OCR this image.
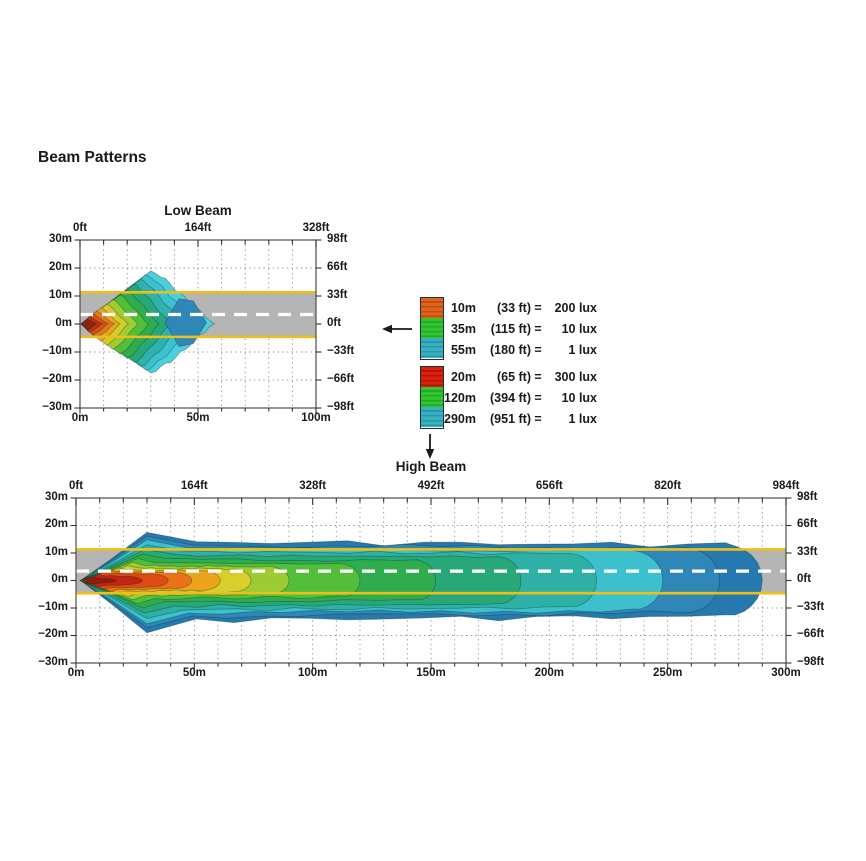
Beam Patterns
Low Beam
High Beam
0ft	164ft	328ft
0m	50m	100m
30m
20m
10m
0m
−10m
−20m
−30m
98ft
66ft
33ft
0ft
−33ft
−66ft
−98ft
0ft	164ft	328ft	492ft	656ft	820ft	984ft
0m	50m	100m	150m	200m	250m	300m
30m
20m
10m
0m
−10m
−20m
−30m
98ft
66ft
33ft
0ft
−33ft
−66ft
−98ft
10m	(33 ft) =	200 lux
35m	(115 ft) =	10 lux
55m	(180 ft) =	1 lux
20m	(65 ft) =	300 lux
120m	(394 ft) =	10 lux
290m	(951 ft) =	1 lux
